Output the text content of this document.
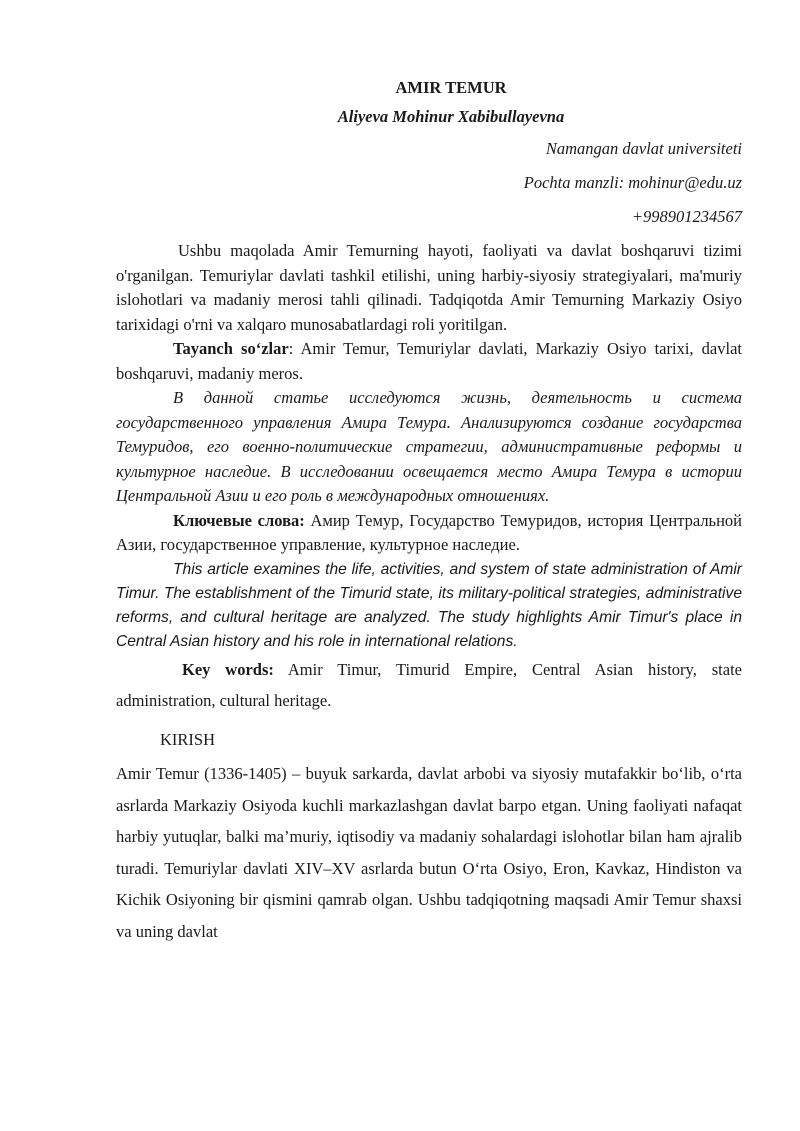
AMIR TEMUR
Aliyeva Mohinur Xabibullayevna
Namangan davlat universiteti
Pochta manzli: mohinur@edu.uz
+998901234567

Ushbu maqolada Amir Temurning hayoti, faoliyati va davlat boshqaruvi tizimi o'rganilgan. Temuriylar davlati tashkil etilishi, uning harbiy-siyosiy strategiyalari, ma'muriy islohotlari va madaniy merosi tahli qilinadi. Tadqiqotda Amir Temurning Markaziy Osiyo tarixidagi o'rni va xalqaro munosabatlardagi roli yoritilgan.

Tayanch so‘zlar: Amir Temur, Temuriylar davlati, Markaziy Osiyo tarixi, davlat boshqaruvi, madaniy meros.

В данной статье исследуются жизнь, деятельность и система государственного управления Амира Темура. Анализируются создание государства Темуридов, его военно-политические стратегии, административные реформы и культурное наследие. В исследовании освещается место Амира Темура в истории Центральной Азии и его роль в международных отношениях.

Ключевые слова: Амир Темур, Государство Темуридов, история Центральной Азии, государственное управление, культурное наследие.

This article examines the life, activities, and system of state administration of Amir Timur. The establishment of the Timurid state, its military-political strategies, administrative reforms, and cultural heritage are analyzed. The study highlights Amir Timur's place in Central Asian history and his role in international relations.

Key words: Amir Timur, Timurid Empire, Central Asian history, state administration, cultural heritage.

KIRISH

Amir Temur (1336-1405) – buyuk sarkarda, davlat arbobi va siyosiy mutafakkir bo‘lib, o‘rta asrlarda Markaziy Osiyoda kuchli markazlashgan davlat barpo etgan. Uning faoliyati nafaqat harbiy yutuqlar, balki ma’muriy, iqtisodiy va madaniy sohalardagi islohotlar bilan ham ajralib turadi. Temuriylar davlati XIV–XV asrlarda butun O‘rta Osiyo, Eron, Kavkaz, Hindiston va Kichik Osiyoning bir qismini qamrab olgan. Ushbu tadqiqotning maqsadi Amir Temur shaxsi va uning davlat
